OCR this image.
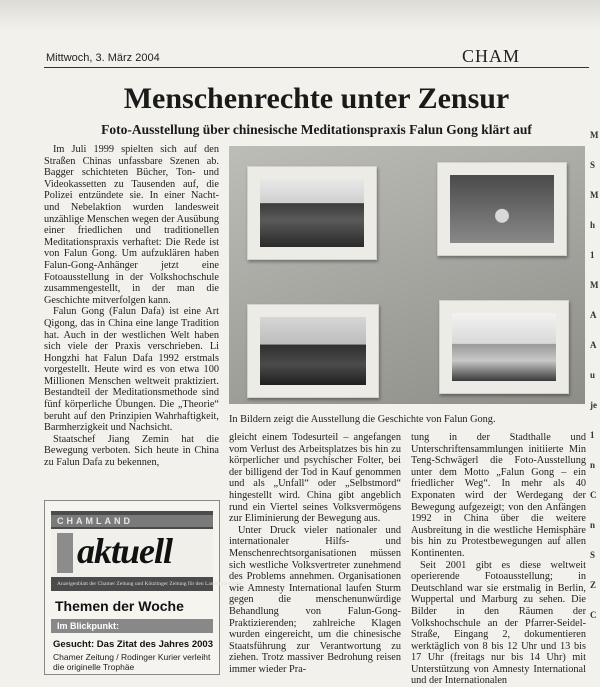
Mittwoch, 3. März 2004	CHAM
Menschenrechte unter Zensur
Foto-Ausstellung über chinesische Meditationspraxis Falun Gong klärt auf

Im Juli 1999 spielten sich auf den Straßen Chinas unfassbare Szenen ab. Bagger schichteten Bücher, Ton- und Videokassetten zu Tausenden auf, die Polizei entzündete sie. In einer Nacht- und Nebelaktion wurden landesweit unzählige Menschen wegen der Ausübung einer friedlichen und traditionellen Meditationspraxis verhaftet: Die Rede ist von Falun Gong. Um aufzuklären haben Falun-Gong-Anhänger jetzt eine Fotoausstellung in der Volkshochschule zusammengestellt, in der man die Geschichte mitverfolgen kann.

Falun Gong (Falun Dafa) ist eine Art Qigong, das in China eine lange Tradition hat. Auch in der westlichen Welt haben sich viele der Praxis verschrieben. Li Hongzhi hat Falun Dafa 1992 erstmals vorgestellt. Heute wird es von etwa 100 Millionen Menschen weltweit praktiziert. Bestandteil der Meditationsmethode sind fünf körperliche Übungen. Die „Theorie“ beruht auf den Prinzipien Wahrhaftigkeit, Barmherzigkeit und Nachsicht.

Staatschef Jiang Zemin hat die Bewegung verboten. Sich heute in China zu Falun Dafa zu bekennen,

In Bildern zeigt die Ausstellung die Geschichte von Falun Gong.

gleicht einem Todesurteil – angefangen vom Verlust des Arbeitsplatzes bis hin zu körperlicher und psychischer Folter, bei der billigend der Tod in Kauf genommen und als „Unfall“ oder „Selbstmord“ hingestellt wird. China gibt angeblich rund ein Viertel seines Volksvermögens zur Eliminierung der Bewegung aus.

Unter Druck vieler nationaler und internationaler Hilfs- und Menschenrechtsorganisationen müssen sich westliche Volksvertreter zunehmend des Problems annehmen. Organisationen wie Amnesty International laufen Sturm gegen die menschenunwürdige Behandlung von Falun-Gong-Praktizierenden; zahlreiche Klagen wurden eingereicht, um die chinesische Staatsführung zur Verantwortung zu ziehen. Trotz massiver Bedrohung reisen immer wieder Pra-

tung in der Stadthalle und Unterschriftensammlungen initiierte Min Teng-Schwägerl die Foto-Ausstellung unter dem Motto „Falun Gong – ein friedlicher Weg“. In mehr als 40 Exponaten wird der Werdegang der Bewegung aufgezeigt; von den Anfängen 1992 in China über die weitere Ausbreitung in die westliche Hemisphäre bis hin zu Protestbewegungen auf allen Kontinenten.

Seit 2001 gibt es diese weltweit operierende Fotoausstellung; in Deutschland war sie erstmalig in Berlin, Wuppertal und Marburg zu sehen. Die Bilder in den Räumen der Volkshochschule an der Pfarrer-Seidel-Straße, Eingang 2, dokumentieren werktäglich von 8 bis 12 Uhr und 13 bis 17 Uhr (freitags nur bis 14 Uhr) mit Unterstützung von Amnesty International und der Internationalen

M
S
M
h
1
M
A
A
u
je
1
n
C
n
S
Z
C
CHAMLAND
aktuell
Anzeigenblatt der Chamer Zeitung und Kötztinger Zeitung für den Landkreis Cham
Themen der Woche
Im Blickpunkt:
Gesucht: Das Zitat des Jahres 2003
Chamer Zeitung / Rodinger Kurier verleiht die originelle Trophäe
